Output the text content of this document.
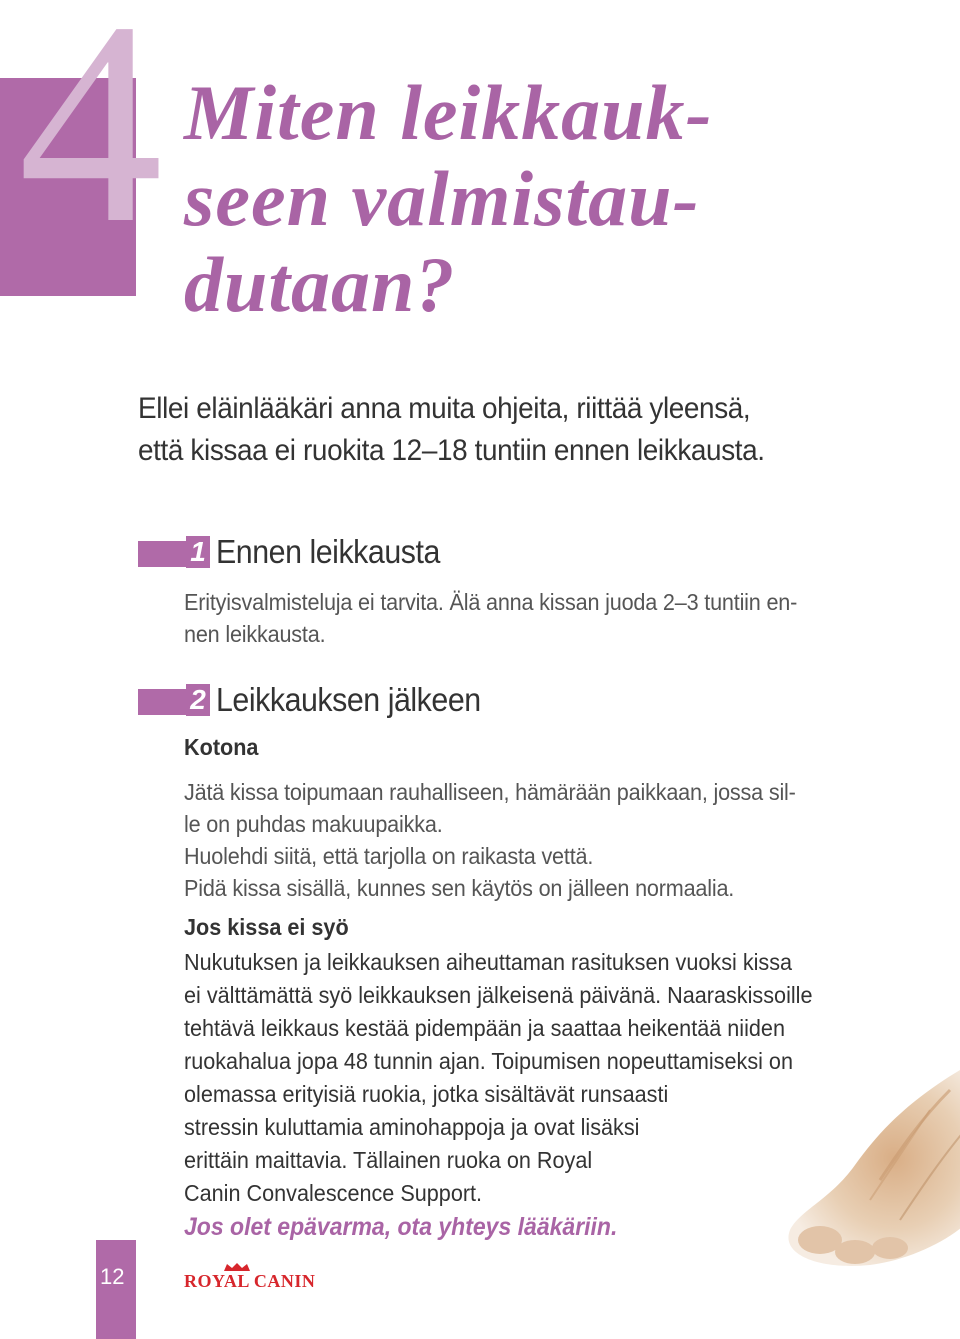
4 Miten leikkauk-
seen valmistau-
dutaan?

Ellei eläinlääkäri anna muita ohjeita, riittää yleensä,
että kissaa ei ruokita 12–18 tuntiin ennen leikkausta.

1 Ennen leikkausta

Erityisvalmisteluja ei tarvita. Älä anna kissan juoda 2–3 tuntiin en-
nen leikkausta.

2 Leikkauksen jälkeen

Kotona

Jätä kissa toipumaan rauhalliseen, hämärään paikkaan, jossa sil-
le on puhdas makuupaikka.
Huolehdi siitä, että tarjolla on raikasta vettä.
Pidä kissa sisällä, kunnes sen käytös on jälleen normaalia.

Jos kissa ei syö

Nukutuksen ja leikkauksen aiheuttaman rasituksen vuoksi kissa
ei välttämättä syö leikkauksen jälkeisenä päivänä. Naaraskissoille
tehtävä leikkaus kestää pidempään ja saattaa heikentää niiden
ruokahalua jopa 48 tunnin ajan. Toipumisen nopeuttamiseksi on
olemassa erityisiä ruokia, jotka sisältävät runsaasti
stressin kuluttamia aminohappoja ja ovat lisäksi
erittäin maittavia. Tällainen ruoka on Royal
Canin Convalescence Support.

Jos olet epävarma, ota yhteys lääkäriin.

12	ROYAL CANIN
